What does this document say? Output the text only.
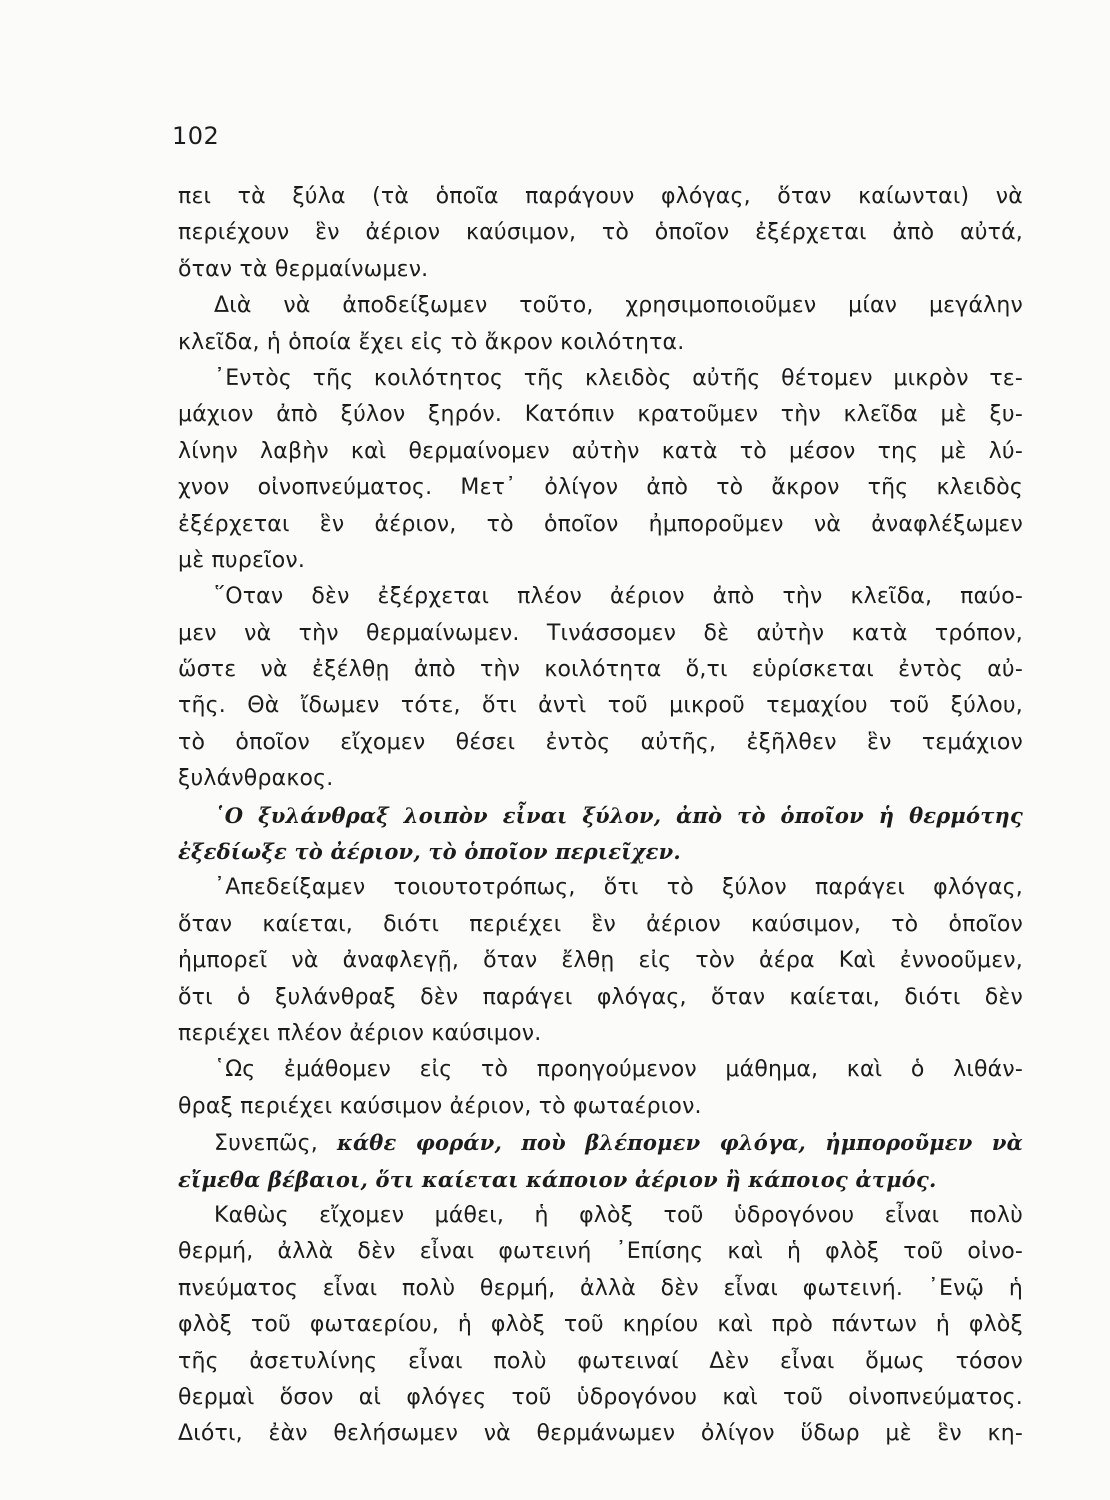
102
πει τὰ ξύλα (τὰ ὁποῖα παράγουν φλόγας, ὅταν καίωνται) νὰ
περιέχουν ἓν ἀέριον καύσιμον, τὸ ὁποῖον ἐξέρχεται ἀπὸ αὐτά,
ὅταν τὰ θερμαίνωμεν.
Διὰ νὰ ἀποδείξωμεν τοῦτο, χρησιμοποιοῦμεν μίαν μεγάλην
κλεῖδα, ἡ ὁποία ἔχει εἰς τὸ ἄκρον κοιλότητα.
᾿Εντὸς τῆς κοιλότητος τῆς κλειδὸς αὐτῆς θέτομεν μικρὸν τε-
μάχιον ἀπὸ ξύλον ξηρόν. Κατόπιν κρατοῦμεν τὴν κλεῖδα μὲ ξυ-
λίνην λαβὴν καὶ θερμαίνομεν αὐτὴν κατὰ τὸ μέσον της μὲ λύ-
χνον οἰνοπνεύματος. Μετ᾿ ὀλίγον ἀπὸ τὸ ἄκρον τῆς κλειδὸς
ἐξέρχεται ἓν ἀέριον, τὸ ὁποῖον ἠμποροῦμεν νὰ ἀναφλέξωμεν
μὲ πυρεῖον.
῞Οταν δὲν ἐξέρχεται πλέον ἀέριον ἀπὸ τὴν κλεῖδα, παύο-
μεν νὰ τὴν θερμαίνωμεν. Τινάσσομεν δὲ αὐτὴν κατὰ τρόπον,
ὥστε νὰ ἐξέλθῃ ἀπὸ τὴν κοιλότητα ὅ,τι εὑρίσκεται ἐντὸς αὐ-
τῆς. Θὰ ἴδωμεν τότε, ὅτι ἀντὶ τοῦ μικροῦ τεμαχίου τοῦ ξύλου,
τὸ ὁποῖον εἴχομεν θέσει ἐντὸς αὐτῆς, ἐξῆλθεν ἓν τεμάχιον
ξυλάνθρακος.
῾Ο ξυλάνθραξ λοιπὸν εἶναι ξύλον, ἀπὸ τὸ ὁποῖον ἡ θερμότης
ἐξεδίωξε τὸ ἀέριον, τὸ ὁποῖον περιεῖχεν.
᾿Απεδείξαμεν τοιουτοτρόπως, ὅτι τὸ ξύλον παράγει φλόγας,
ὅταν καίεται, διότι περιέχει ἓν ἀέριον καύσιμον, τὸ ὁποῖον
ἠμπορεῖ νὰ ἀναφλεγῇ, ὅταν ἔλθῃ εἰς τὸν ἀέρα Καὶ ἐννοοῦμεν,
ὅτι ὁ ξυλάνθραξ δὲν παράγει φλόγας, ὅταν καίεται, διότι δὲν
περιέχει πλέον ἀέριον καύσιμον.
῾Ως ἐμάθομεν εἰς τὸ προηγούμενον μάθημα, καὶ ὁ λιθάν-
θραξ περιέχει καύσιμον ἀέριον, τὸ φωταέριον.
Συνεπῶς, κάθε φοράν, ποὺ βλέπομεν φλόγα, ἠμποροῦμεν νὰ
εἴμεθα βέβαιοι, ὅτι καίεται κάποιον ἀέριον ἢ κάποιος ἀτμός.
Καθὼς εἴχομεν μάθει, ἡ φλὸξ τοῦ ὑδρογόνου εἶναι πολὺ
θερμή, ἀλλὰ δὲν εἶναι φωτεινή ᾿Επίσης καὶ ἡ φλὸξ τοῦ οἰνο-
πνεύματος εἶναι πολὺ θερμή, ἀλλὰ δὲν εἶναι φωτεινή. ᾿Ενῷ ἡ
φλὸξ τοῦ φωταερίου, ἡ φλὸξ τοῦ κηρίου καὶ πρὸ πάντων ἡ φλὸξ
τῆς ἀσετυλίνης εἶναι πολὺ φωτειναί Δὲν εἶναι ὅμως τόσον
θερμαὶ ὅσον αἱ φλόγες τοῦ ὑδρογόνου καὶ τοῦ οἰνοπνεύματος.
Διότι, ἐὰν θελήσωμεν νὰ θερμάνωμεν ὀλίγον ὕδωρ μὲ ἓν κη-
